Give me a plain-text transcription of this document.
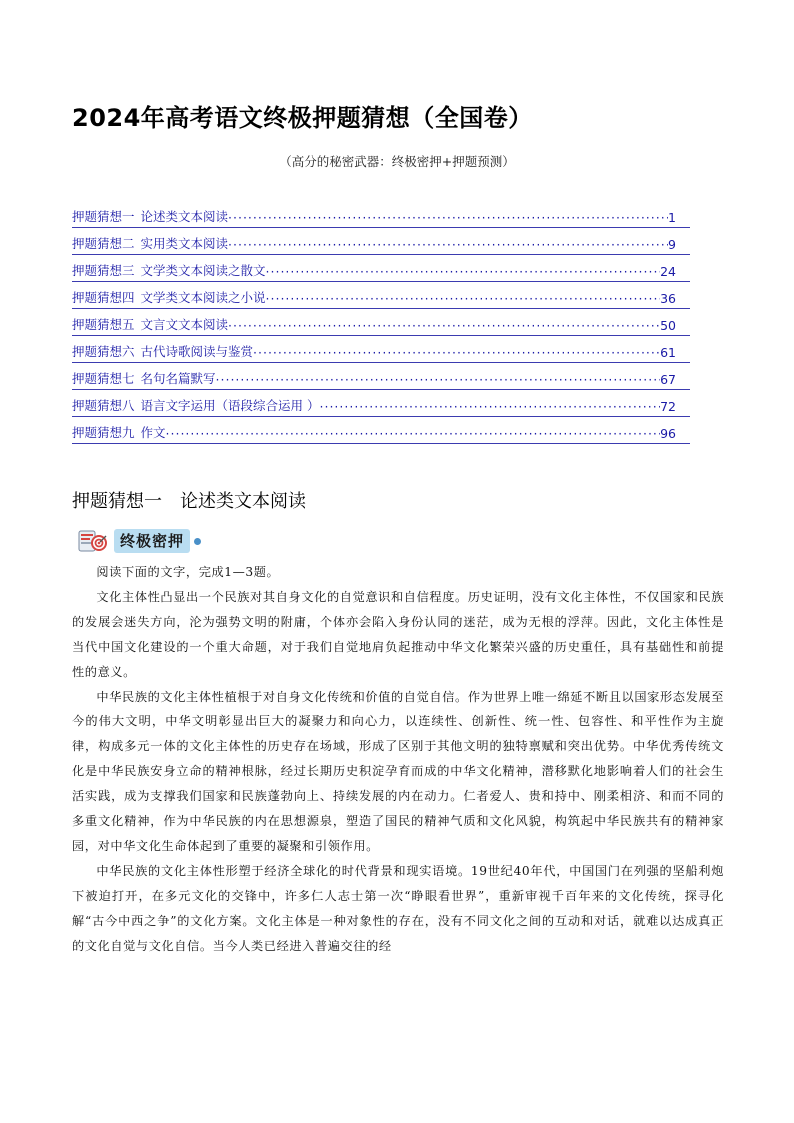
2024年高考语文终极押题猜想（全国卷）
（高分的秘密武器：终极密押+押题预测）
押题猜想一 论述类文本阅读 ·····	1
押题猜想二 实用类文本阅读 ·····	9
押题猜想三 文学类文本阅读之散文 ·····	24
押题猜想四 文学类文本阅读之小说 ·····	36
押题猜想五 文言文文本阅读 ·····	50
押题猜想六 古代诗歌阅读与鉴赏 ·····	61
押题猜想七 名句名篇默写 ·····	67
押题猜想八 语言文字运用（语段综合运用 ） ·····	72
押题猜想九 作文 ·····	96
押题猜想一 论述类文本阅读
终极密押

阅读下面的文字，完成1—3题。

文化主体性凸显出一个民族对其自身文化的自觉意识和自信程度。历史证明，没有文化主体性，不仅国家和民族的发展会迷失方向，沦为强势文明的附庸，个体亦会陷入身份认同的迷茫，成为无根的浮萍。因此，文化主体性是当代中国文化建设的一个重大命题，对于我们自觉地肩负起推动中华文化繁荣兴盛的历史重任，具有基础性和前提性的意义。

中华民族的文化主体性植根于对自身文化传统和价值的自觉自信。作为世界上唯一绵延不断且以国家形态发展至今的伟大文明，中华文明彰显出巨大的凝聚力和向心力，以连续性、创新性、统一性、包容性、和平性作为主旋律，构成多元一体的文化主体性的历史存在场域，形成了区别于其他文明的独特禀赋和突出优势。中华优秀传统文化是中华民族安身立命的精神根脉，经过长期历史积淀孕育而成的中华文化精神，潜移默化地影响着人们的社会生活实践，成为支撑我们国家和民族蓬勃向上、持续发展的内在动力。仁者爱人、贵和持中、刚柔相济、和而不同的多重文化精神，作为中华民族的内在思想源泉，塑造了国民的精神气质和文化风貌，构筑起中华民族共有的精神家园，对中华文化生命体起到了重要的凝聚和引领作用。

中华民族的文化主体性形塑于经济全球化的时代背景和现实语境。19世纪40年代，中国国门在列强的坚船利炮下被迫打开，在多元文化的交锋中，许多仁人志士第一次“睁眼看世界”，重新审视千百年来的文化传统，探寻化解“古今中西之争”的文化方案。文化主体是一种对象性的存在，没有不同文化之间的互动和对话，就难以达成真正的文化自觉与文化自信。当今人类已经进入普遍交往的经
